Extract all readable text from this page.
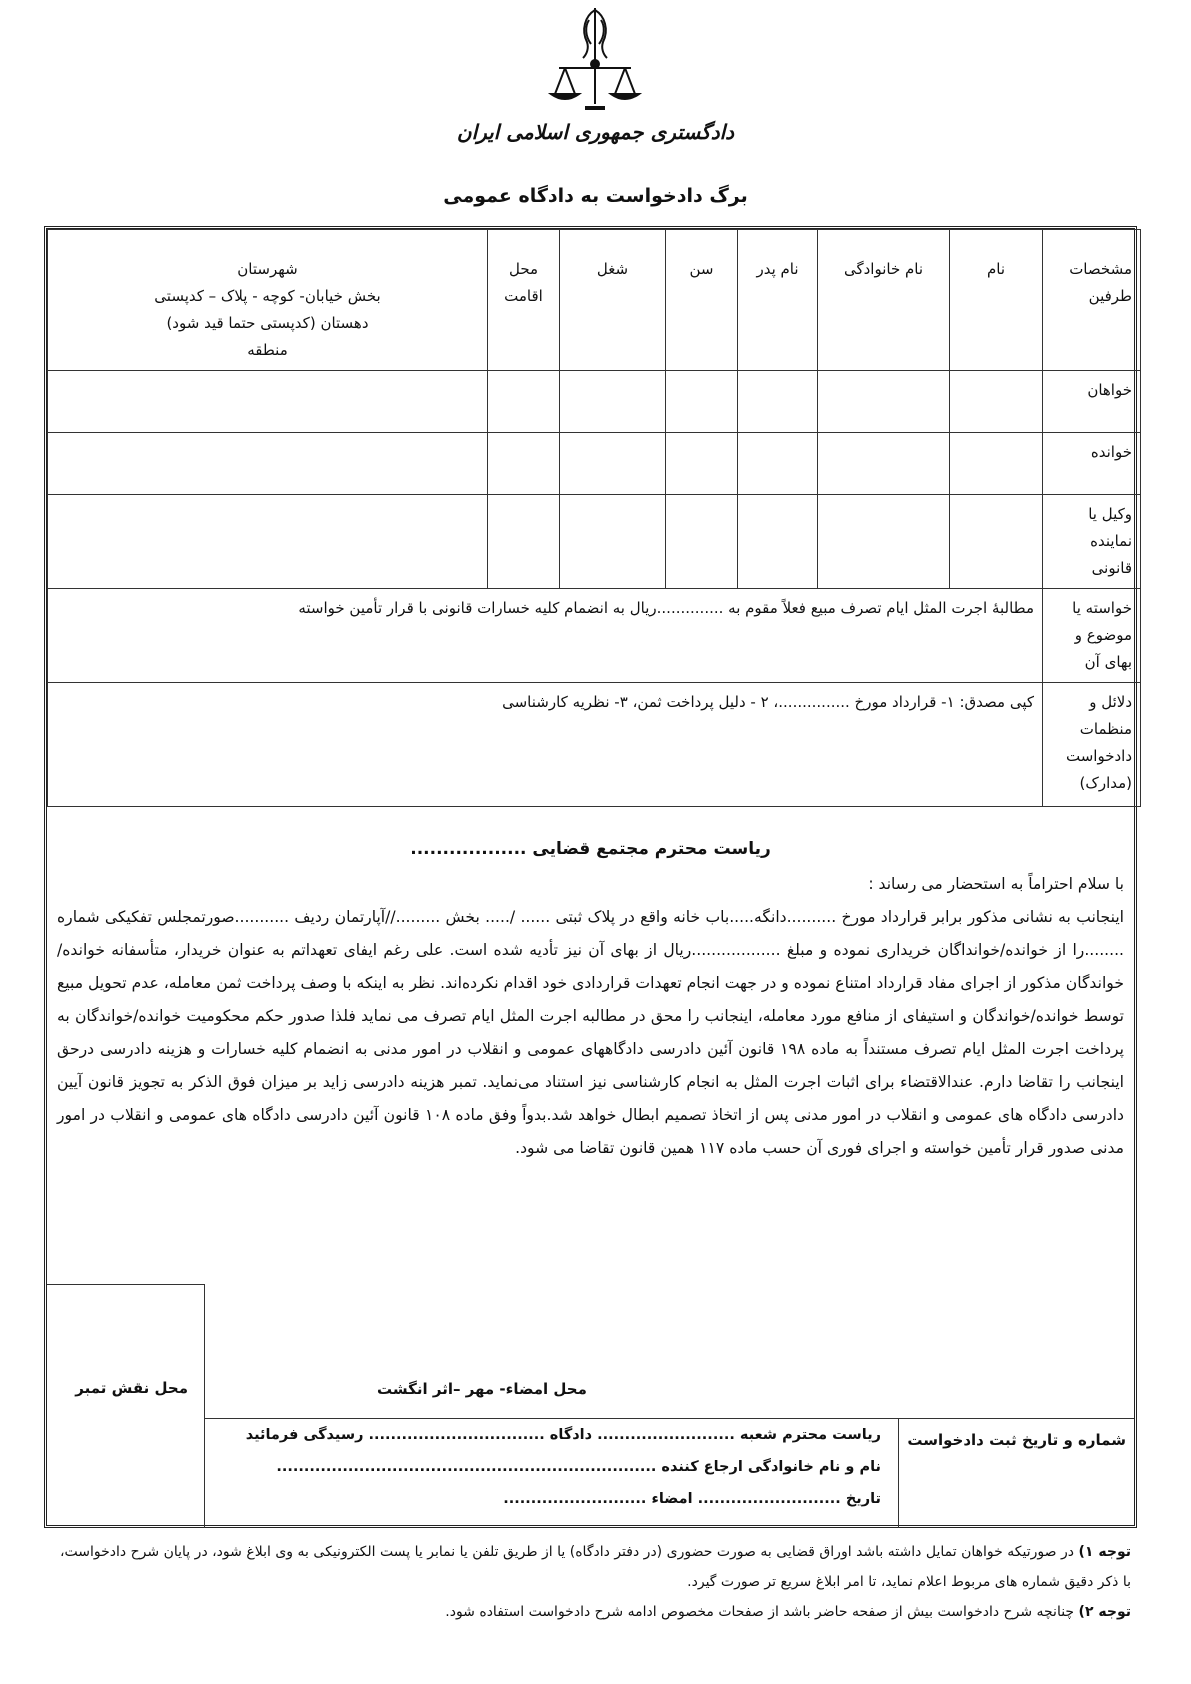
دادگستری جمهوری اسلامی ایران
برگ دادخواست به دادگاه عمومی
مشخصات طرفین	نام	نام خانوادگی	نام پدر	سن	شغل	محل اقامت	شهرستان
بخش خیابان- کوچه - پلاک – کدپستی
دهستان (کدپستی حتما قید شود)
منطقه

خواهان							
خوانده							
وکیل یا نماینده قانونی							
خواسته یا موضوع و بهای آن	مطالبهٔ اجرت المثل ایام تصرف مبیع فعلاً مقوم به ..............ریال به انضمام کلیه خسارات قانونی با قرار تأمین خواسته						
دلائل و منظمات دادخواست (مدارک)	کپی مصدق: ۱- قرارداد مورخ ...............، ۲ - دلیل پرداخت ثمن، ۳- نظریه کارشناسی						
ریاست محترم مجتمع قضایی ..................

با سلام احتراماً به استحضار می رساند :

اینجانب به نشانی مذکور برابر قرارداد مورخ ..........دانگه.....باب خانه واقع در پلاک ثبتی ...... /..... بخش .........//آپارتمان ردیف ...........صورتمجلس تفکیکی شماره ........را از خوانده/خوانداگان خریداری نموده و مبلغ ..................ریال از بهای آن نیز تأدیه شده است. علی رغم ایفای تعهداتم به عنوان خریدار، متأسفانه خوانده/خواندگان مذکور از اجرای مفاد قرارداد امتناع نموده و در جهت انجام تعهدات قراردادی خود اقدام نکرده‌اند. نظر به اینکه با وصف پرداخت ثمن معامله، عدم تحویل مبیع توسط خوانده/خواندگان و استیفای از منافع مورد معامله، اینجانب را محق در مطالبه اجرت المثل ایام تصرف می نماید فلذا صدور حکم محکومیت خوانده/خواندگان به پرداخت اجرت المثل ایام تصرف مستنداً به ماده ۱۹۸ قانون آئین دادرسی دادگاههای عمومی و انقلاب در امور مدنی به انضمام کلیه خسارات و هزینه دادرسی درحق اینجانب را تقاضا دارم. عندالاقتضاء برای اثبات اجرت المثل به انجام کارشناسی نیز استناد می‌نماید. تمبر هزینه دادرسی زاید بر میزان فوق الذکر به تجویز قانون آیین دادرسی دادگاه های عمومی و انقلاب در امور مدنی پس از اتخاذ تصمیم ابطال خواهد شد.بدواً وفق ماده ۱۰۸ قانون آئین دادرسی دادگاه های عمومی و انقلاب در امور مدنی صدور قرار تأمین خواسته و اجرای فوری آن حسب ماده ۱۱۷ همین قانون تقاضا می شود.

محل نقش تمبر	محل امضاء- مهر –اثر انگشت
شماره و تاریخ ثبت دادخواست
ریاست محترم شعبه ......................... دادگاه ................................ رسیدگی فرمائید
نام و نام خانوادگی ارجاع کننده .....................................................................
تاریخ .......................... امضاء ..........................

توجه ۱) در صورتیکه خواهان تمایل داشته باشد اوراق قضایی به صورت حضوری (در دفتر دادگاه) یا از طریق تلفن یا نمابر یا پست الکترونیکی به وی ابلاغ شود، در پایان شرح دادخواست، با ذکر دقیق شماره های مربوط اعلام نماید، تا امر ابلاغ سریع تر صورت گیرد.

توجه ۲) چنانچه شرح دادخواست بیش از صفحه حاضر باشد از صفحات مخصوص ادامه شرح دادخواست استفاده شود.
